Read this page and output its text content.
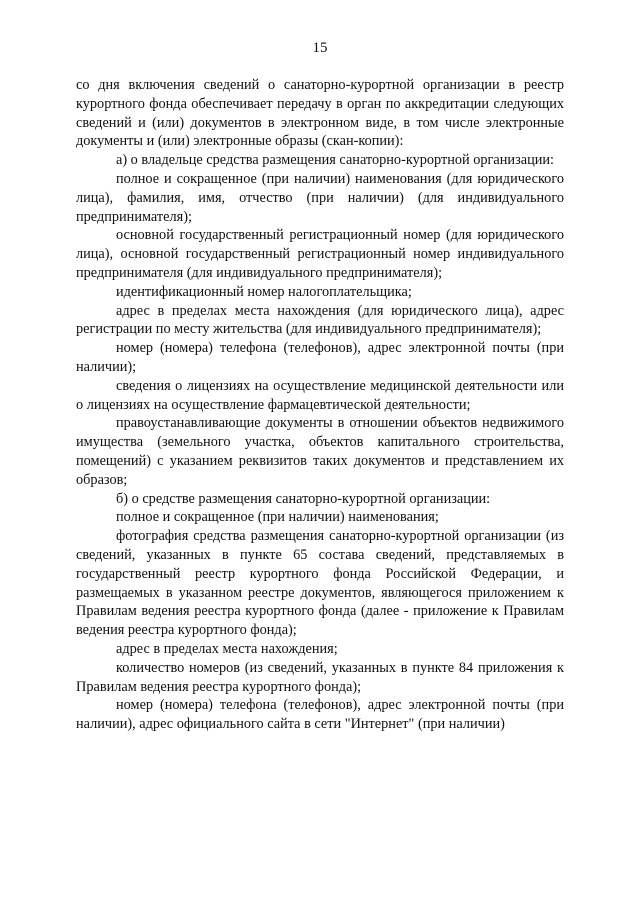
15

со дня включения сведений о санаторно-курортной организации в реестр курортного фонда обеспечивает передачу в орган по аккредитации следующих сведений и (или) документов в электронном виде, в том числе электронные документы и (или) электронные образы (скан-копии):

а) о владельце средства размещения санаторно-курортной организации:

полное и сокращенное (при наличии) наименования (для юридического лица), фамилия, имя, отчество (при наличии) (для индивидуального предпринимателя);

основной государственный регистрационный номер (для юридического лица), основной государственный регистрационный номер индивидуального предпринимателя (для индивидуального предпринимателя);

идентификационный номер налогоплательщика;

адрес в пределах места нахождения (для юридического лица), адрес регистрации по месту жительства (для индивидуального предпринимателя);

номер (номера) телефона (телефонов), адрес электронной почты (при наличии);

сведения о лицензиях на осуществление медицинской деятельности или о лицензиях на осуществление фармацевтической деятельности;

правоустанавливающие документы в отношении объектов недвижимого имущества (земельного участка, объектов капитального строительства, помещений) с указанием реквизитов таких документов и представлением их образов;

б) о средстве размещения санаторно-курортной организации:

полное и сокращенное (при наличии) наименования;

фотография средства размещения санаторно-курортной организации (из сведений, указанных в пункте 65 состава сведений, представляемых в государственный реестр курортного фонда Российской Федерации, и размещаемых в указанном реестре документов, являющегося приложением к Правилам ведения реестра курортного фонда (далее - приложение к Правилам ведения реестра курортного фонда);

адрес в пределах места нахождения;

количество номеров (из сведений, указанных в пункте 84 приложения к Правилам ведения реестра курортного фонда);

номер (номера) телефона (телефонов), адрес электронной почты (при наличии), адрес официального сайта в сети "Интернет" (при наличии)
